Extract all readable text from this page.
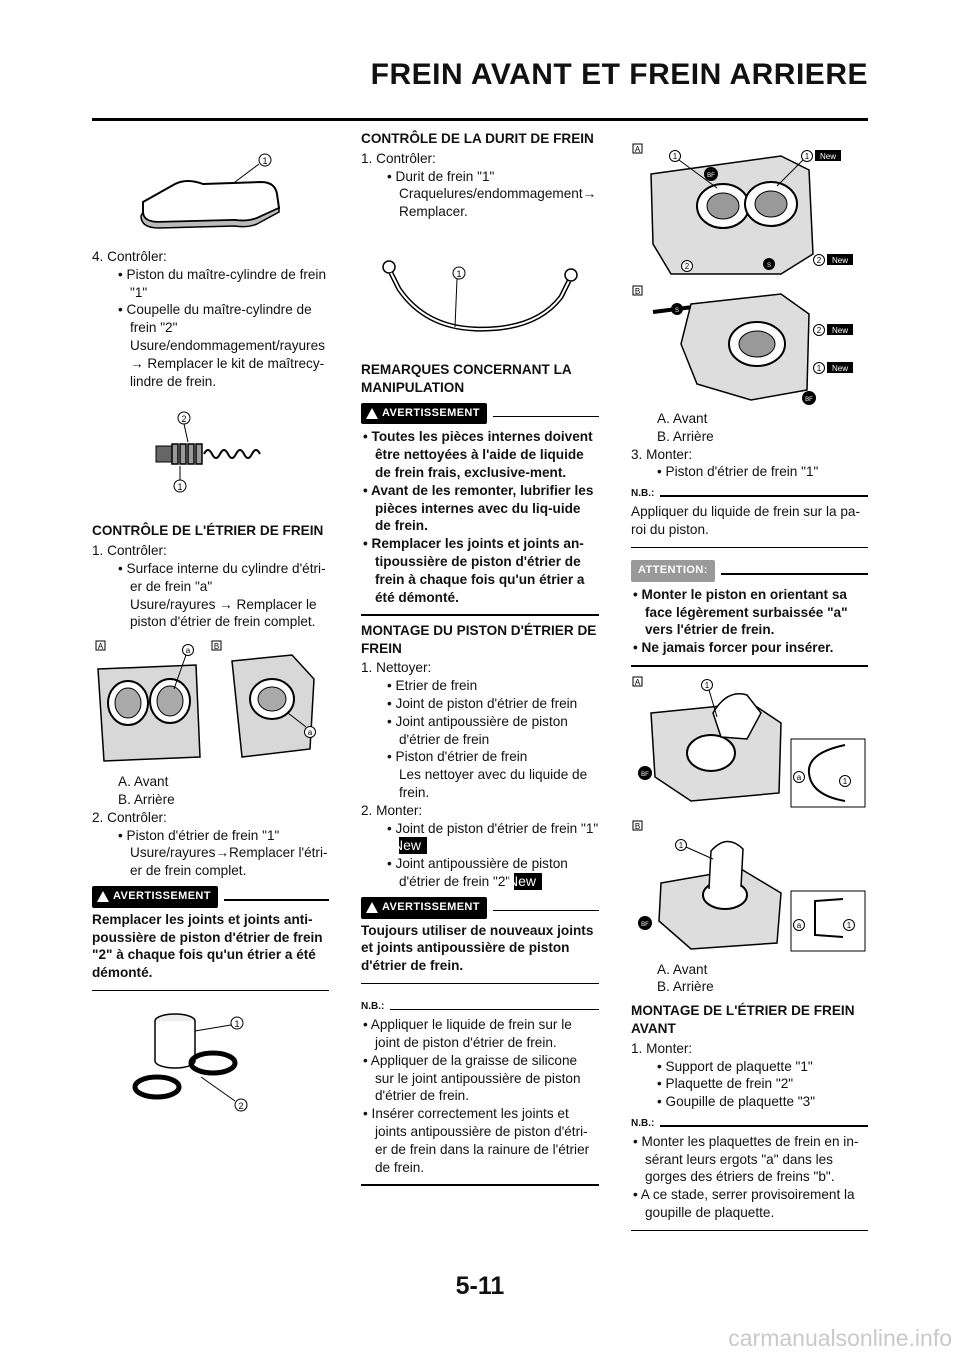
FREIN AVANT ET FREIN ARRIERE
1

4. Contrôler:

• Piston du maître-cylindre de frein "1"

• Coupelle du maître-cylindre de frein "2"

Usure/endommagement/rayures
→ Remplacer le kit de maîtrecy-lindre de frein.

2
1

CONTRÔLE DE L'ÉTRIER DE FREIN

1. Contrôler:

• Surface interne du cylindre d'étri-er de frein "a"

Usure/rayures → Remplacer le piston d'étrier de frein complet.

A	B
a
a

A. Avant

B. Arrière

2. Contrôler:

• Piston d'étrier de frein "1"

Usure/rayures→Remplacer l'étri-er de frein complet.

AVERTISSEMENT

Remplacer les joints et joints anti-poussière de piston d'étrier de frein "2" à chaque fois qu'un étrier a été démonté.

1
2

CONTRÔLE DE LA DURIT DE FREIN

1. Contrôler:

• Durit de frein "1"

Craquelures/endommagement→
Remplacer.

1

REMARQUES CONCERNANT LA MANIPULATION

AVERTISSEMENT

• Toutes les pièces internes doivent être nettoyées à l'aide de liquide de frein frais, exclusive-ment.

• Avant de les remonter, lubrifier les pièces internes avec du liq-uide de frein.

• Remplacer les joints et joints an-tipoussière de piston d'étrier de frein à chaque fois qu'un étrier a été démonté.

MONTAGE DU PISTON D'ÉTRIER DE FREIN

1. Nettoyer:

• Etrier de frein

• Joint de piston d'étrier de frein

• Joint antipoussière de piston d'étrier de frein

• Piston d'étrier de frein

Les nettoyer avec du liquide de frein.

2. Monter:

• Joint de piston d'étrier de frein "1"
New

• Joint antipoussière de piston d'étrier de frein "2" New

AVERTISSEMENT

Toujours utiliser de nouveaux joints et joints antipoussière de piston d'étrier de frein.

N.B.:

• Appliquer le liquide de frein sur le joint de piston d'étrier de frein.

• Appliquer de la graisse de silicone sur le joint antipoussière de piston d'étrier de frein.

• Insérer correctement les joints et joints antipoussière de piston d'étri-er de frein dans la rainure de l'étrier de frein.

A
BF
1	1 New
2	S
2 New
B
S
2 New
1 New
BF

A. Avant

B. Arrière

3. Monter:

• Piston d'étrier de frein "1"

N.B.:

Appliquer du liquide de frein sur la pa-roi du piston.

ATTENTION:

• Monter le piston en orientant sa face légèrement surbaissée "a" vers l'étrier de frein.

• Ne jamais forcer pour insérer.

A	1
BF	a	1
B
1
BF	a	1

A. Avant

B. Arrière

MONTAGE DE L'ÉTRIER DE FREIN AVANT

1. Monter:

• Support de plaquette "1"

• Plaquette de frein "2"

• Goupille de plaquette "3"

N.B.:

• Monter les plaquettes de frein en in-sérant leurs ergots "a" dans les gorges des étriers de freins "b".

• A ce stade, serrer provisoirement la goupille de plaquette.

5-11
carmanualsonline.info
